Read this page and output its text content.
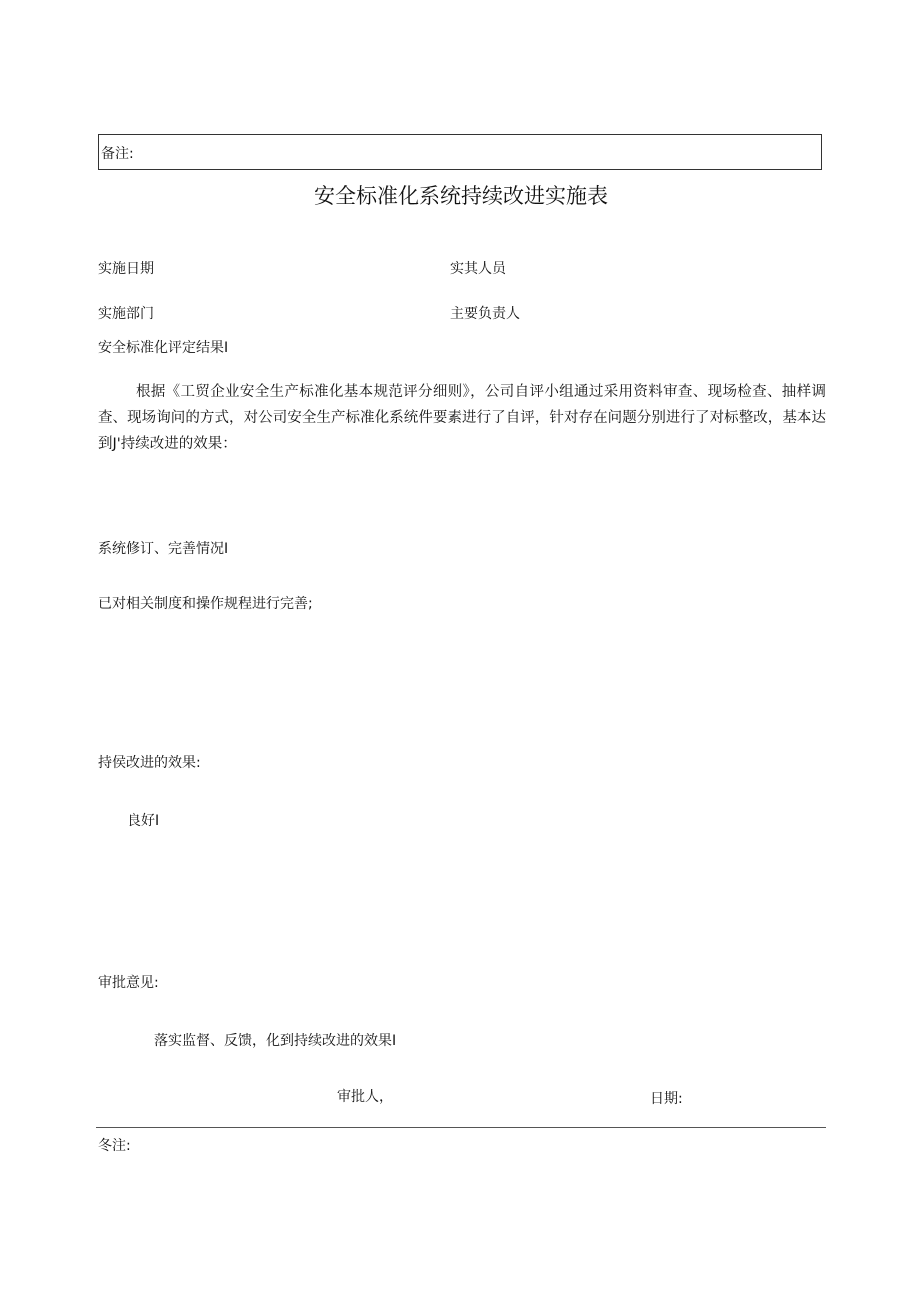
备注:
安全标准化系统持续改进实施表
实施日期	实其人员
实施部门	主要负责人
安全标准化评定结果I
根据《工贸企业安全生产标准化基本规范评分细则》，公司自评小组通过采用资料审查、现场检查、抽样调查、现场询问的方式，对公司安全生产标准化系统件要素进行了自评，针对存在问题分别进行了对标整改，基本达到J'持续改进的效果：
系统修订、完善情况I
已对相关制度和操作规程进行完善;
持侯改进的效果:
良好I
审批意见:
落实监督、反馈，化到持续改进的效果I
审批人，	日期:
冬注:
